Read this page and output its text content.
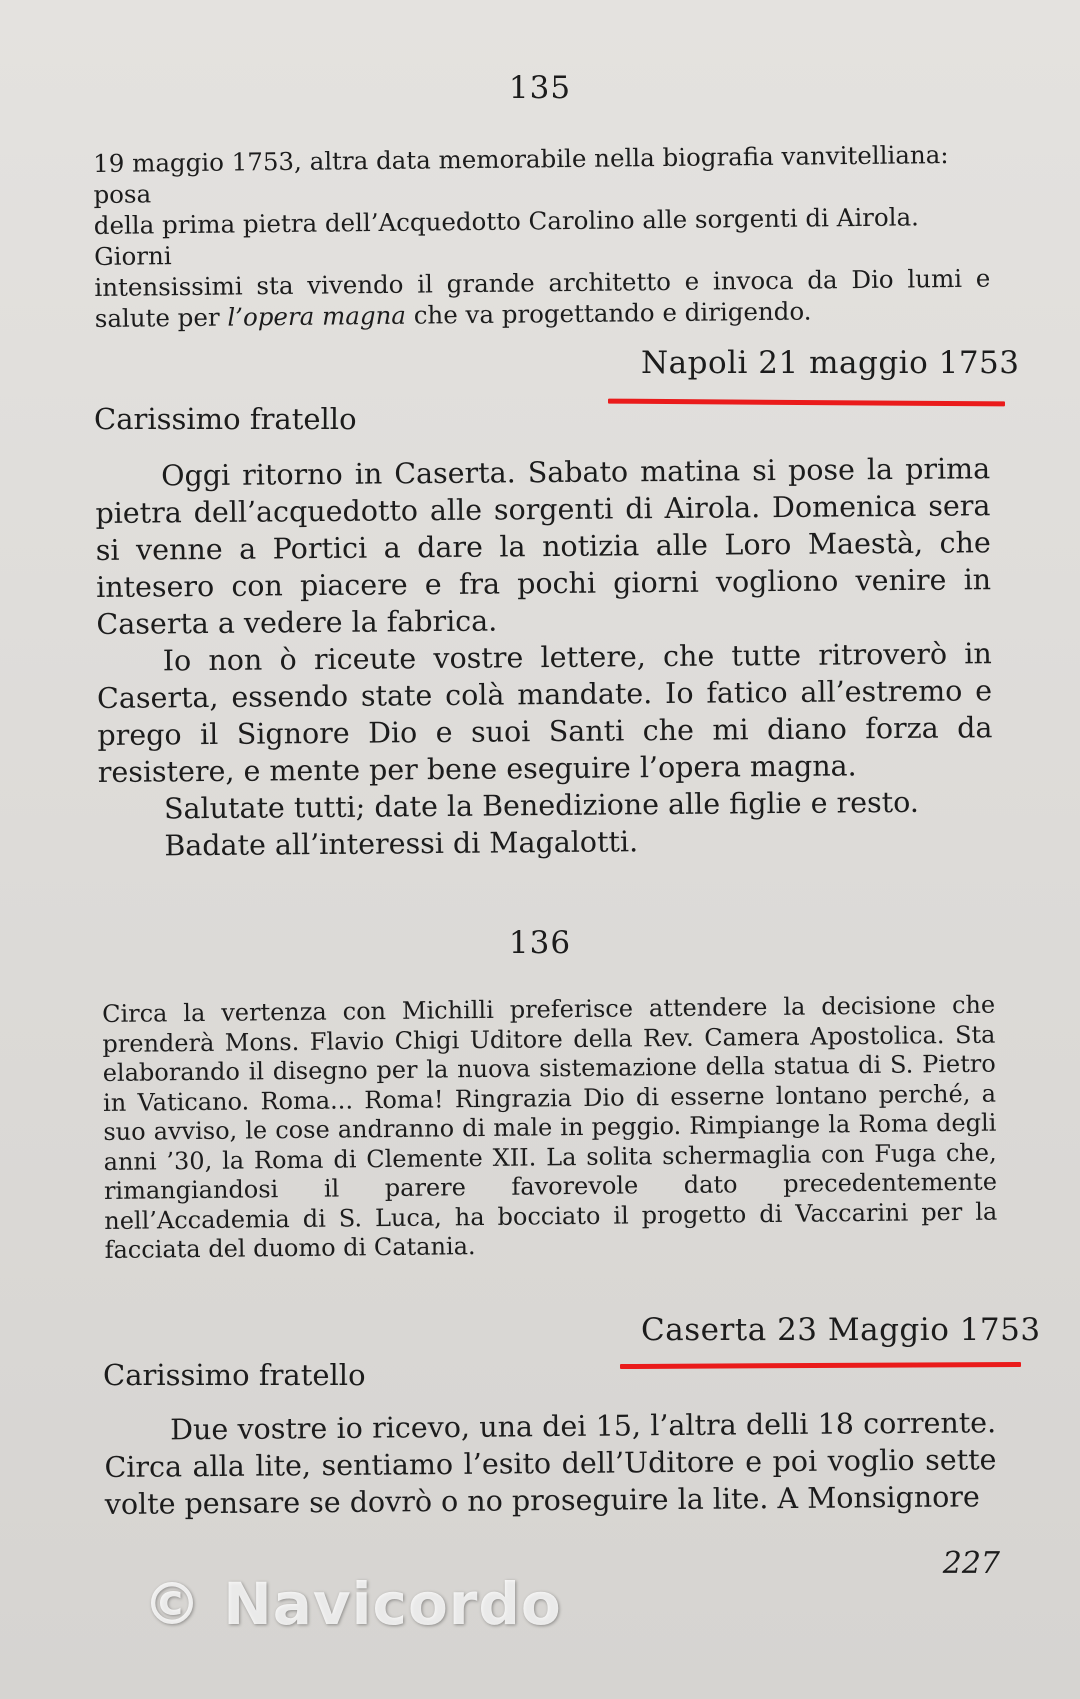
135

19 maggio 1753, altra data memorabile nella biografia vanvitelliana: posa

della prima pietra dell’Acquedotto Carolino alle sorgenti di Airola. Giorni

intensissimi sta vivendo il grande architetto e invoca da Dio lumi e

salute per l’opera magna che va progettando e dirigendo.

Napoli 21 maggio 1753
Carissimo fratello

Oggi ritorno in Caserta. Sabato matina si pose la prima pietra dell’acquedotto alle sorgenti di Airola. Domenica sera si venne a Portici a dare la notizia alle Loro Maestà, che intesero con piacere e fra pochi giorni vogliono venire in Caserta a vedere la fabrica.

Io non ò riceute vostre lettere, che tutte ritroverò in Caserta, essendo state colà mandate. Io fatico all’estremo e prego il Signore Dio e suoi Santi che mi diano forza da resistere, e mente per bene eseguire l’opera magna.

Salutate tutti; date la Benedizione alle figlie e resto.

Badate all’interessi di Magalotti.

136

Circa la vertenza con Michilli preferisce attendere la decisione che prenderà Mons. Flavio Chigi Uditore della Rev. Camera Apostolica. Sta elaborando il disegno per la nuova sistemazione della statua di S. Pietro in Vaticano. Roma... Roma! Ringrazia Dio di esserne lontano perché, a suo avviso, le cose andranno di male in peggio. Rimpiange la Roma degli anni ’30, la Roma di Clemente XII. La solita schermaglia con Fuga che, rimangiandosi il parere favorevole dato precedentemente nell’Accademia di S. Luca, ha bocciato il progetto di Vaccarini per la facciata del duomo di Catania.

Caserta 23 Maggio 1753
Carissimo fratello

Due vostre io ricevo, una dei 15, l’altra delli 18 corrente. Circa alla lite, sentiamo l’esito dell’Uditore e poi voglio sette volte pensare se dovrò o no proseguire la lite. A Monsignore

227
© Navicordo
